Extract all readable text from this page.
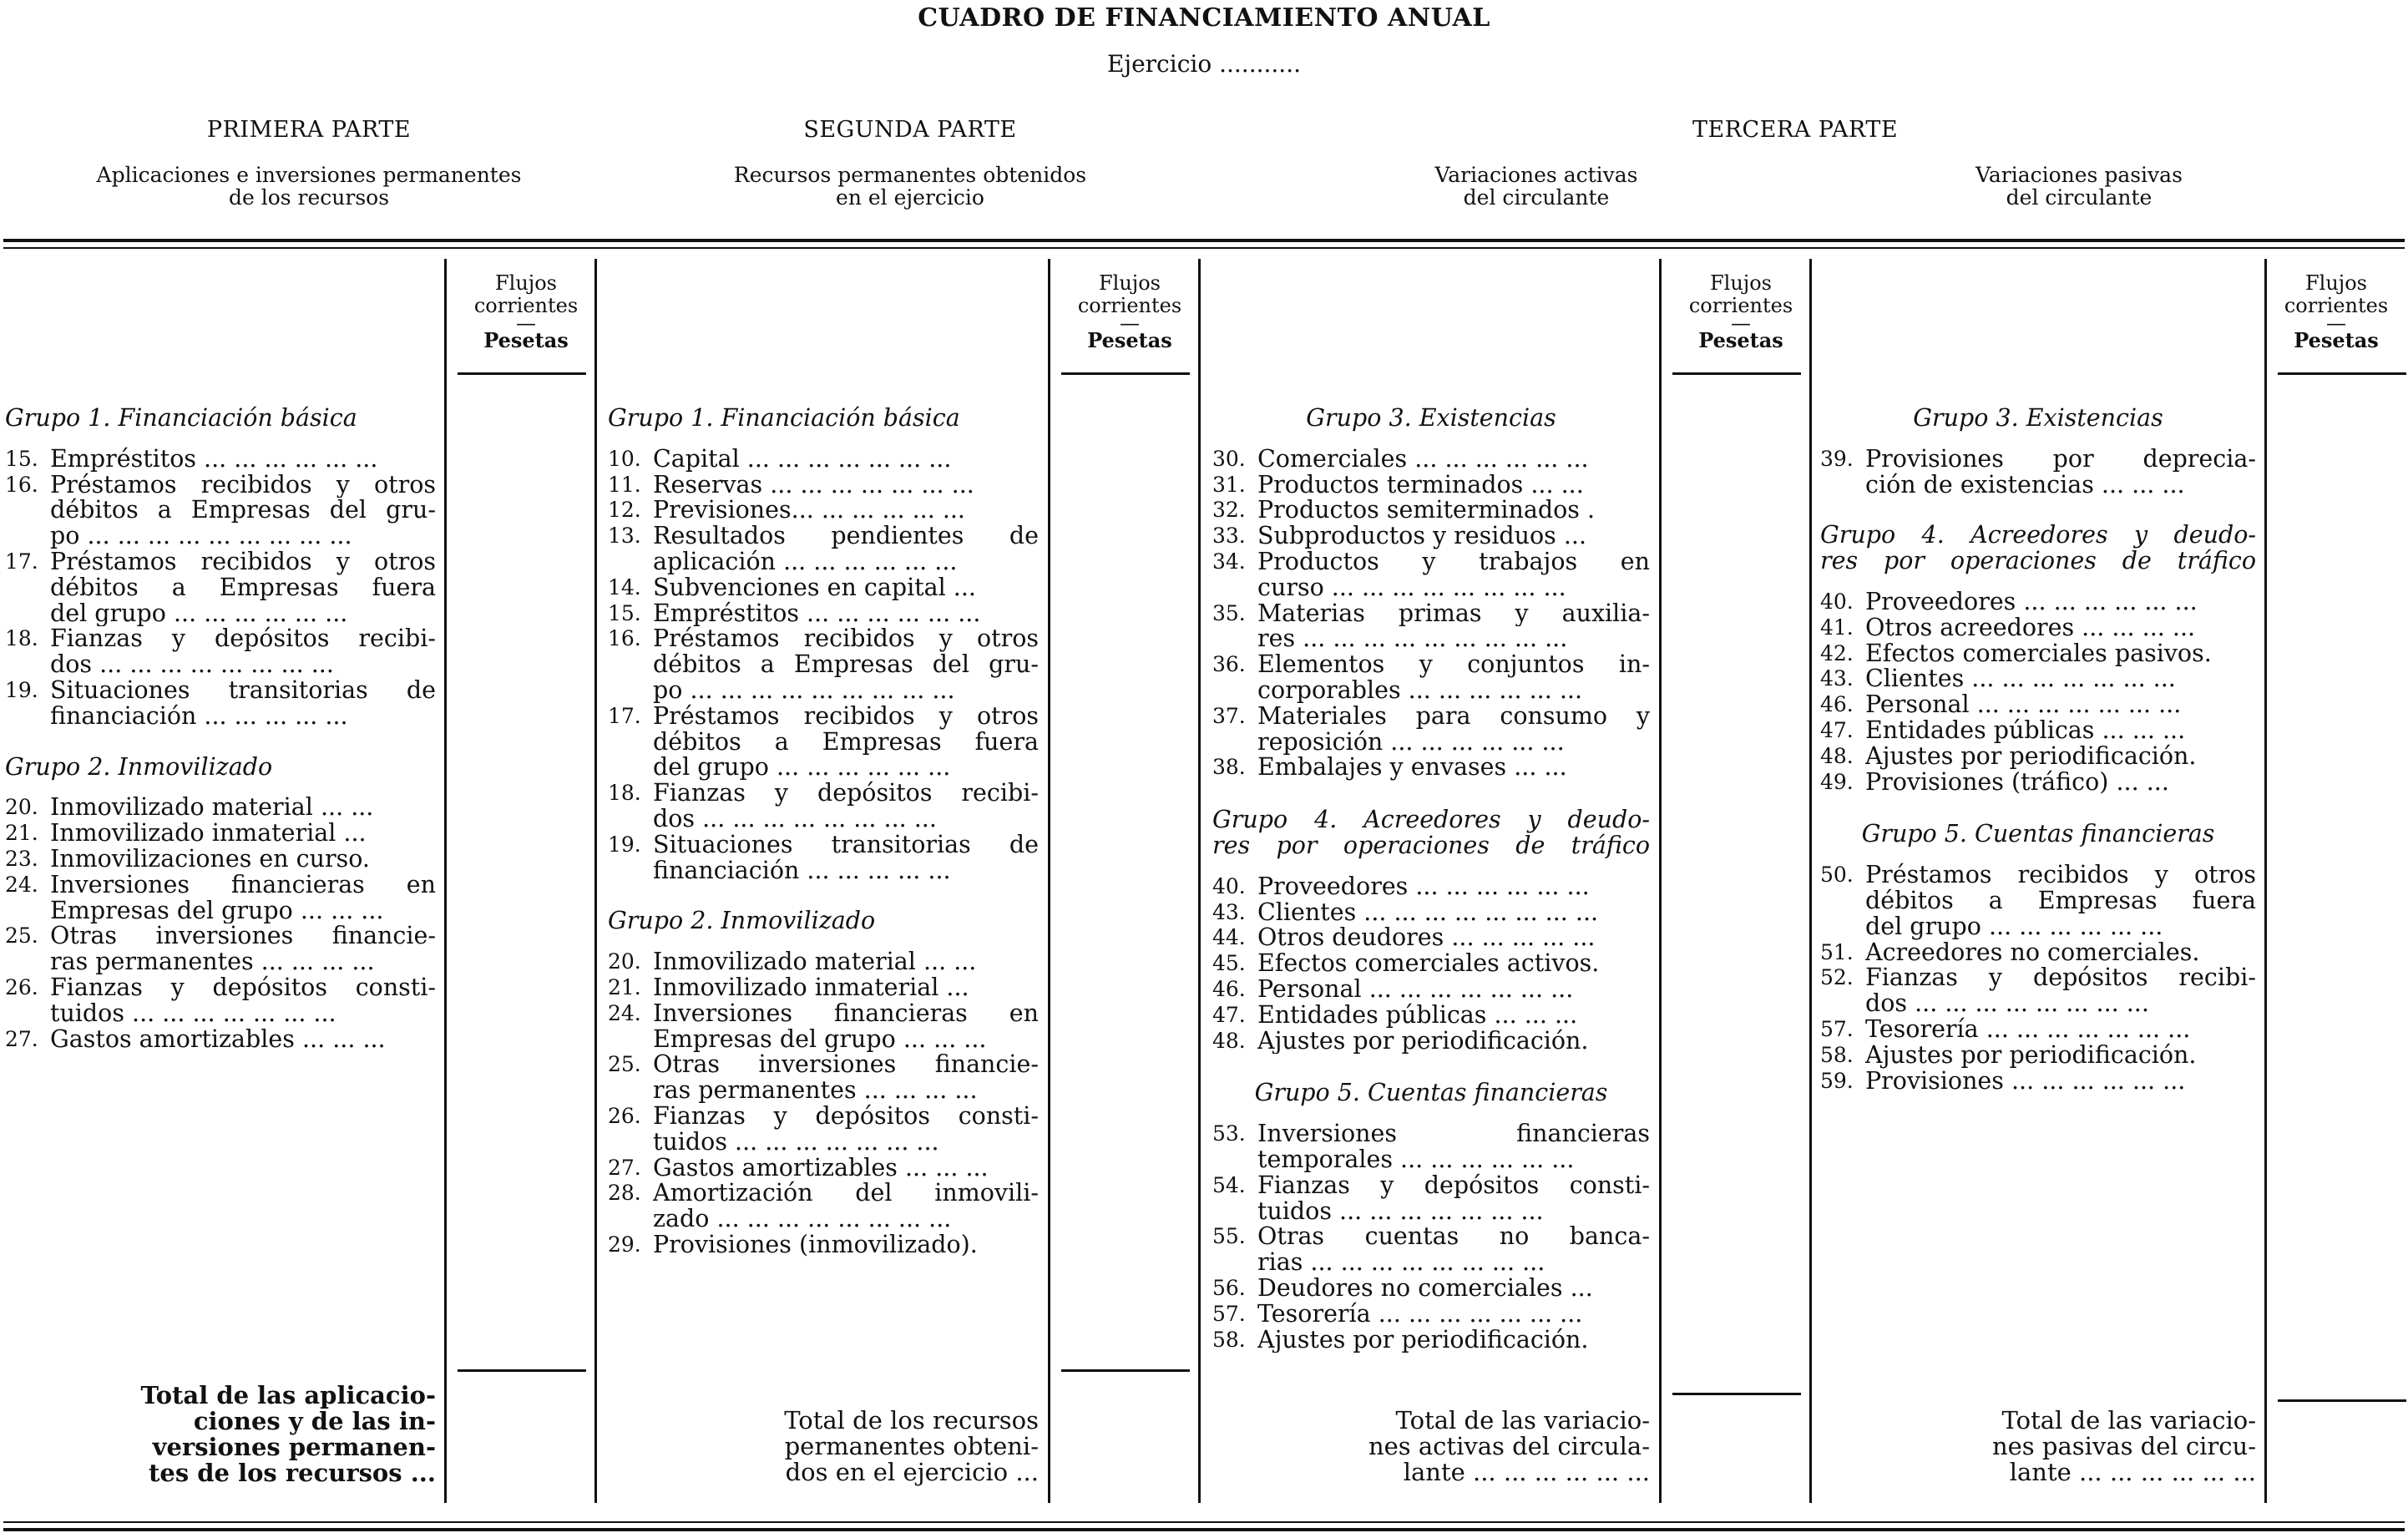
CUADRO DE FINANCIAMIENTO ANUAL
Ejercicio ...........
PRIMERA PARTE	SEGUNDA PARTE	TERCERA PARTE
Aplicaciones e inversiones permanentes
de los recursos
Recursos permanentes obtenidos
en el ejercicio
Variaciones activas
del circulante
Variaciones pasivas
del circulante
Flujos
corrientes
—
Pesetas
Flujos
corrientes
—
Pesetas
Flujos
corrientes
—
Pesetas
Flujos
corrientes
—
Pesetas
Grupo 1. Financiación básica
15. Empréstitos ... ... ... ... ... ...
16. Préstamos recibidos y otros
débitos a Empresas del gru-
po ... ... ... ... ... ... ... ... ...
17. Préstamos recibidos y otros
débitos a Empresas fuera
del grupo ... ... ... ... ... ...
18. Fianzas y depósitos recibi-
dos ... ... ... ... ... ... ... ...
19. Situaciones transitorias de
financiación ... ... ... ... ...
Grupo 2. Inmovilizado
20. Inmovilizado material ... ...
21. Inmovilizado inmaterial ...
23. Inmovilizaciones en curso.
24. Inversiones financieras en
Empresas del grupo ... ... ...
25. Otras inversiones financie-
ras permanentes ... ... ... ...
26. Fianzas y depósitos consti-
tuidos ... ... ... ... ... ... ...
27. Gastos amortizables ... ... ...
Grupo 1. Financiación básica
10. Capital ... ... ... ... ... ... ...
11. Reservas ... ... ... ... ... ... ...
12. Previsiones... ... ... ... ... ...
13. Resultados pendientes de
aplicación ... ... ... ... ... ...
14. Subvenciones en capital ...
15. Empréstitos ... ... ... ... ... ...
16. Préstamos recibidos y otros
débitos a Empresas del gru-
po ... ... ... ... ... ... ... ... ...
17. Préstamos recibidos y otros
débitos a Empresas fuera
del grupo ... ... ... ... ... ...
18. Fianzas y depósitos recibi-
dos ... ... ... ... ... ... ... ...
19. Situaciones transitorias de
financiación ... ... ... ... ...
Grupo 2. Inmovilizado
20. Inmovilizado material ... ...
21. Inmovilizado inmaterial ...
24. Inversiones financieras en
Empresas del grupo ... ... ...
25. Otras inversiones financie-
ras permanentes ... ... ... ...
26. Fianzas y depósitos consti-
tuidos ... ... ... ... ... ... ...
27. Gastos amortizables ... ... ...
28. Amortización del inmovili-
zado ... ... ... ... ... ... ... ...
29. Provisiones (inmovilizado).
Grupo 3. Existencias
30. Comerciales ... ... ... ... ... ...
31. Productos terminados ... ...
32. Productos semiterminados .
33. Subproductos y residuos ...
34. Productos y trabajos en
curso ... ... ... ... ... ... ... ...
35. Materias primas y auxilia-
res ... ... ... ... ... ... ... ... ...
36. Elementos y conjuntos in-
corporables ... ... ... ... ... ...
37. Materiales para consumo y
reposición ... ... ... ... ... ...
38. Embalajes y envases ... ...
Grupo 4. Acreedores y deudo-
res por operaciones de tráfico
40. Proveedores ... ... ... ... ... ...
43. Clientes ... ... ... ... ... ... ... ...
44. Otros deudores ... ... ... ... ...
45. Efectos comerciales activos.
46. Personal ... ... ... ... ... ... ...
47. Entidades públicas ... ... ...
48. Ajustes por periodificación.
Grupo 5. Cuentas financieras
53. Inversiones financieras
temporales ... ... ... ... ... ...
54. Fianzas y depósitos consti-
tuidos ... ... ... ... ... ... ...
55. Otras cuentas no banca-
rias ... ... ... ... ... ... ... ...
56. Deudores no comerciales ...
57. Tesorería ... ... ... ... ... ... ...
58. Ajustes por periodificación.
Grupo 3. Existencias
39. Provisiones por deprecia-
ción de existencias ... ... ...
Grupo 4. Acreedores y deudo-
res por operaciones de tráfico
40. Proveedores ... ... ... ... ... ...
41. Otros acreedores ... ... ... ...
42. Efectos comerciales pasivos.
43. Clientes ... ... ... ... ... ... ...
46. Personal ... ... ... ... ... ... ...
47. Entidades públicas ... ... ...
48. Ajustes por periodificación.
49. Provisiones (tráfico) ... ...
Grupo 5. Cuentas financieras
50. Préstamos recibidos y otros
débitos a Empresas fuera
del grupo ... ... ... ... ... ...
51. Acreedores no comerciales.
52. Fianzas y depósitos recibi-
dos ... ... ... ... ... ... ... ...
57. Tesorería ... ... ... ... ... ... ...
58. Ajustes por periodificación.
59. Provisiones ... ... ... ... ... ...
Total de las aplicacio-
ciones y de las in-
versiones permanen-
tes de los recursos ...
Total de los recursos
permanentes obteni-
dos en el ejercicio ...
Total de las variacio-
nes activas del circula-
lante ... ... ... ... ... ...
Total de las variacio-
nes pasivas del circu-
lante ... ... ... ... ... ...
